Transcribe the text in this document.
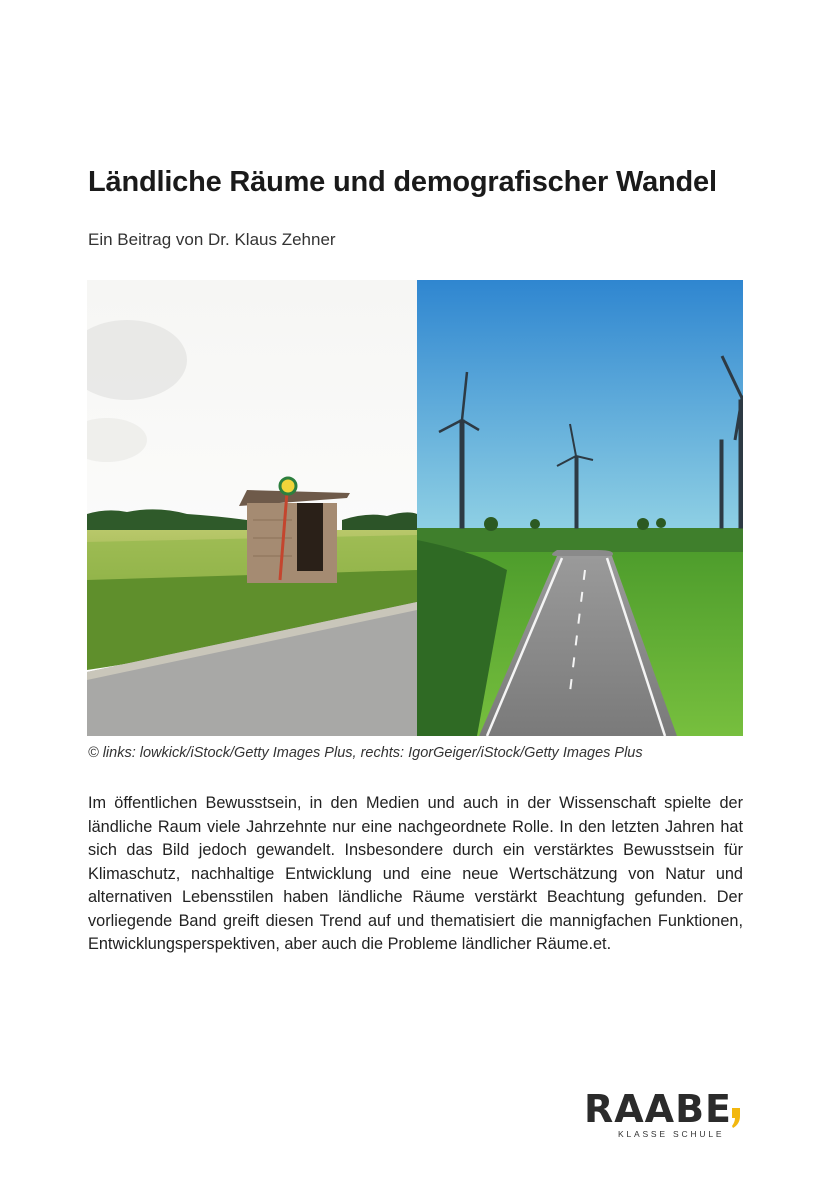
Ländliche Räume und demografischer Wandel
Ein Beitrag von Dr. Klaus Zehner
© links: lowkick/iStock/Getty Images Plus, rechts: IgorGeiger/iStock/Getty Images Plus
Im öffentlichen Bewusstsein, in den Medien und auch in der Wissenschaft spielte der ländliche Raum viele Jahrzehnte nur eine nachgeordnete Rolle. In den letzten Jahren hat sich das Bild jedoch gewandelt. Insbesondere durch ein verstärktes Bewusstsein für Klimaschutz, nachhaltige Entwicklung und eine neue Wertschätzung von Natur und alternativen Lebensstilen haben ländliche Räume verstärkt Beachtung gefunden. Der vorliegende Band greift diesen Trend auf und thematisiert die mannigfachen Funktionen, Entwicklungsperspektiven, aber auch die Probleme ländlicher Räume.et.
RAABE
KLASSE SCHULE
